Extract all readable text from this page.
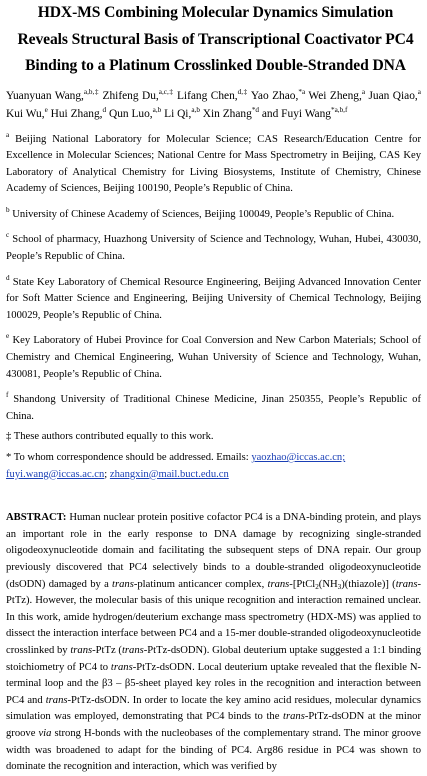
HDX-MS Combining Molecular Dynamics Simulation
Reveals Structural Basis of Transcriptional Coactivator PC4
Binding to a Platinum Crosslinked Double-Stranded DNA
Yuanyuan Wang,$^{a,b,\ddagger}$ Zhifeng Du,$^{a,c,\ddagger}$ Lifang Chen,$^{d,\ddagger}$ Yao Zhao,$^{*a}$ Wei Zheng,$^a$ Juan Qiao,$^a$ Kui Wu,$^e$ Hui Zhang,$^d$ Qun Luo,$^{a,b}$ Li Qi,$^{a,b}$ Xin Zhang$^{*d}$ and Fuyi Wang$^{*a,b,f}$

$^a$ Beijing National Laboratory for Molecular Science; CAS Research/Education Centre for Excellence in Molecular Sciences; National Centre for Mass Spectrometry in Beijing, CAS Key Laboratory of Analytical Chemistry for Living Biosystems, Institute of Chemistry, Chinese Academy of Sciences, Beijing 100190, People’s Republic of China.

$^b$ University of Chinese Academy of Sciences, Beijing 100049, People’s Republic of China.

$^c$ School of pharmacy, Huazhong University of Science and Technology, Wuhan, Hubei, 430030, People’s Republic of China.

$^d$ State Key Laboratory of Chemical Resource Engineering, Beijing Advanced Innovation Center for Soft Matter Science and Engineering, Beijing University of Chemical Technology, Beijing 100029, People’s Republic of China.

$^e$ Key Laboratory of Hubei Province for Coal Conversion and New Carbon Materials; School of Chemistry and Chemical Engineering, Wuhan University of Science and Technology, Wuhan, 430081, People’s Republic of China.

$^f$ Shandong University of Traditional Chinese Medicine, Jinan 250355, People’s Republic of China.

‡ These authors contributed equally to this work.

* To whom correspondence should be addressed. Emails: yaozhao@iccas.ac.cn;
fuyi.wang@iccas.ac.cn; zhangxin@mail.buct.edu.cn

ABSTRACT: Human nuclear protein positive cofactor PC4 is a DNA-binding protein, and plays an important role in the early response to DNA damage by recognizing single-stranded oligodeoxynucleotide domain and facilitating the subsequent steps of DNA repair. Our group previously discovered that PC4 selectively binds to a double-stranded oligodeoxynucleotide (dsODN) damaged by a trans-platinum anticancer complex, trans-$[PtCl_2(NH_3)(thiazole)]$ (trans-PtTz). However, the molecular basis of this unique recognition and interaction remained unclear. In this work, amide hydrogen/deuterium exchange mass spectrometry (HDX-MS) was applied to dissect the interaction interface between PC4 and a 15-mer double-stranded oligodeoxynucleotide crosslinked by trans-PtTz (trans-PtTz-dsODN). Global deuterium uptake suggested a 1:1 binding stoichiometry of PC4 to trans-PtTz-dsODN. Local deuterium uptake revealed that the flexible N-terminal loop and the β3 – β5-sheet played key roles in the recognition and interaction between PC4 and trans-PtTz-dsODN. In order to locate the key amino acid residues, molecular dynamics simulation was employed, demonstrating that PC4 binds to the trans-PtTz-dsODN at the minor groove via strong H-bonds with the nucleobases of the complementary strand. The minor groove width was broadened to adapt for the binding of PC4. Arg86 residue in PC4 was shown to dominate the recognition and interaction, which was verified by
